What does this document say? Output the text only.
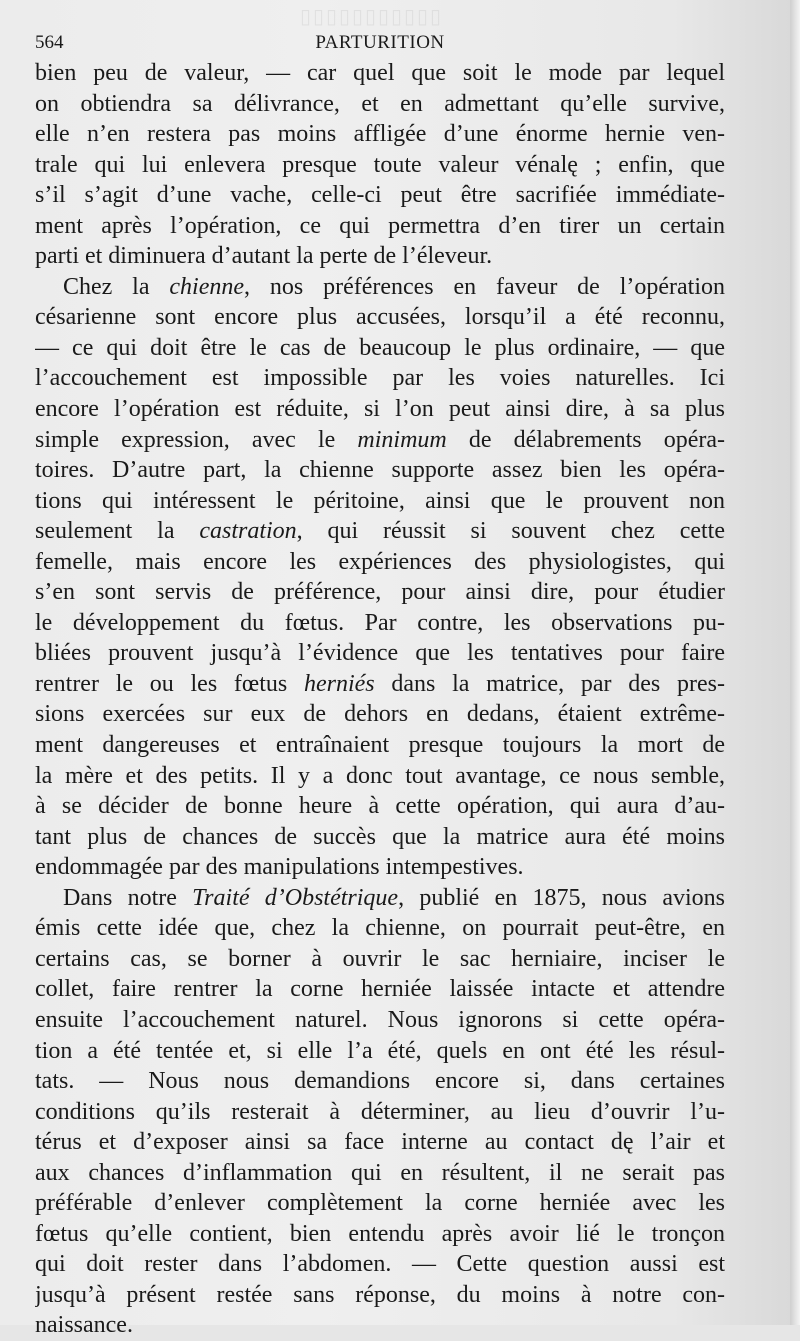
▯▯▯▯▯▯▯▯▯▯▯
564	PARTURITION
bien peu de valeur, — car quel que soit le mode par lequel
on obtiendra sa délivrance, et en admettant qu’elle survive,
elle n’en restera pas moins affligée d’une énorme hernie ven-
trale qui lui enlevera presque toute valeur vénalę ; enfin, que
s’il s’agit d’une vache, celle-ci peut être sacrifiée immédiate-
ment après l’opération, ce qui permettra d’en tirer un certain
parti et diminuera d’autant la perte de l’éleveur.
Chez la chienne, nos préférences en faveur de l’opération
césarienne sont encore plus accusées, lorsqu’il a été reconnu,
— ce qui doit être le cas de beaucoup le plus ordinaire, — que
l’accouchement est impossible par les voies naturelles. Ici
encore l’opération est réduite, si l’on peut ainsi dire, à sa plus
simple expression, avec le minimum de délabrements opéra-
toires. D’autre part, la chienne supporte assez bien les opéra-
tions qui intéressent le péritoine, ainsi que le prouvent non
seulement la castration, qui réussit si souvent chez cette
femelle, mais encore les expériences des physiologistes, qui
s’en sont servis de préférence, pour ainsi dire, pour étudier
le développement du fœtus. Par contre, les observations pu-
bliées prouvent jusqu’à l’évidence que les tentatives pour faire
rentrer le ou les fœtus herniés dans la matrice, par des pres-
sions exercées sur eux de dehors en dedans, étaient extrême-
ment dangereuses et entraînaient presque toujours la mort de
la mère et des petits. Il y a donc tout avantage, ce nous semble,
à se décider de bonne heure à cette opération, qui aura d’au-
tant plus de chances de succès que la matrice aura été moins
endommagée par des manipulations intempestives.
Dans notre Traité d’Obstétrique, publié en 1875, nous avions
émis cette idée que, chez la chienne, on pourrait peut-être, en
certains cas, se borner à ouvrir le sac herniaire, inciser le
collet, faire rentrer la corne herniée laissée intacte et attendre
ensuite l’accouchement naturel. Nous ignorons si cette opéra-
tion a été tentée et, si elle l’a été, quels en ont été les résul-
tats. — Nous nous demandions encore si, dans certaines
conditions qu’ils resterait à déterminer, au lieu d’ouvrir l’u-
térus et d’exposer ainsi sa face interne au contact dę l’air et
aux chances d’inflammation qui en résultent, il ne serait pas
préférable d’enlever complètement la corne herniée avec les
fœtus qu’elle contient, bien entendu après avoir lié le tronçon
qui doit rester dans l’abdomen. — Cette question aussi est
jusqu’à présent restée sans réponse, du moins à notre con-
naissance.
